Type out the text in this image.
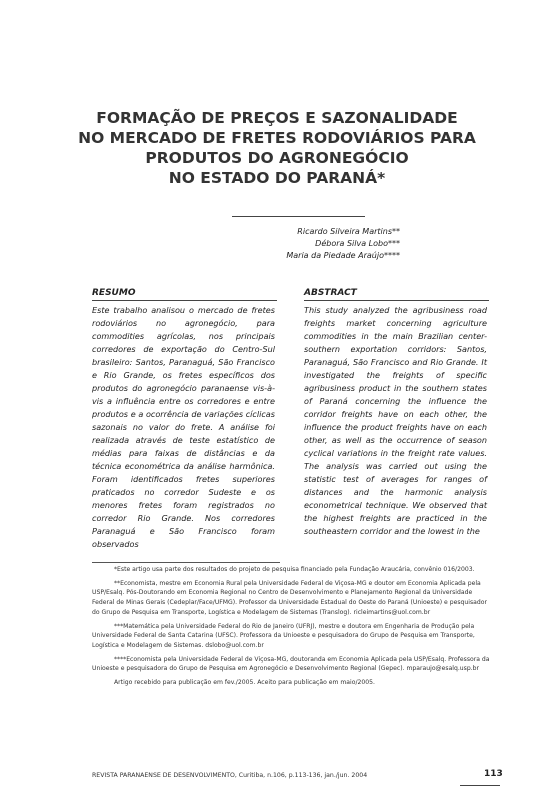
FORMAÇÃO DE PREÇOS E SAZONALIDADE
NO MERCADO DE FRETES RODOVIÁRIOS PARA
PRODUTOS DO AGRONEGÓCIO
NO ESTADO DO PARANÁ*
Ricardo Silveira Martins**
Débora Silva Lobo***
Maria da Piedade Araújo****
RESUMO

Este trabalho analisou o mercado de fretes rodoviários no agronegócio, para commodities agrícolas, nos principais corredores de exportação do Centro-Sul brasileiro: Santos, Paranaguá, São Francisco e Rio Grande, os fretes específicos dos produtos do agronegócio paranaense vis-à-vis a influência entre os corredores e entre produtos e a ocorrência de variações cíclicas sazonais no valor do frete. A análise foi realizada através de teste estatístico de médias para faixas de distâncias e da técnica econométrica da análise harmônica. Foram identificados fretes superiores praticados no corredor Sudeste e os menores fretes foram registrados no corredor Rio Grande. Nos corredores Paranaguá e São Francisco foram observados

ABSTRACT

This study analyzed the agribusiness road freights market concerning agriculture commodities in the main Brazilian center-southern exportation corridors: Santos, Paranaguá, São Francisco and Rio Grande. It investigated the freights of specific agribusiness product in the southern states of Paraná concerning the influence the corridor freights have on each other, the influence the product freights have on each other, as well as the occurrence of season cyclical variations in the freight rate values. The analysis was carried out using the statistic test of averages for ranges of distances and the harmonic analysis econometrical technique. We observed that the highest freights are practiced in the southeastern corridor and the lowest in the

*Este artigo usa parte dos resultados do projeto de pesquisa financiado pela Fundação Araucária, convênio 016/2003.

**Economista, mestre em Economia Rural pela Universidade Federal de Viçosa-MG e doutor em Economia Aplicada pela USP/Esalq. Pós-Doutorando em Economia Regional no Centro de Desenvolvimento e Planejamento Regional da Universidade Federal de Minas Gerais (Cedeplar/Face/UFMG). Professor da Universidade Estadual do Oeste do Paraná (Unioeste) e pesquisador do Grupo de Pesquisa em Transporte, Logística e Modelagem de Sistemas (Translog). ricleimartins@uol.com.br

***Matemática pela Universidade Federal do Rio de Janeiro (UFRJ), mestre e doutora em Engenharia de Produção pela Universidade Federal de Santa Catarina (UFSC). Professora da Unioeste e pesquisadora do Grupo de Pesquisa em Transporte, Logística e Modelagem de Sistemas. dslobo@uol.com.br

****Economista pela Universidade Federal de Viçosa-MG, doutoranda em Economia Aplicada pela USP/Esalq. Professora da Unioeste e pesquisadora do Grupo de Pesquisa em Agronegócio e Desenvolvimento Regional (Gepec). mparaujo@esalq.usp.br

Artigo recebido para publicação em fev./2005. Aceito para publicação em maio/2005.

REVISTA PARANAENSE DE DESENVOLVIMENTO, Curitiba, n.106, p.113-136, jan./jun. 2004	113
